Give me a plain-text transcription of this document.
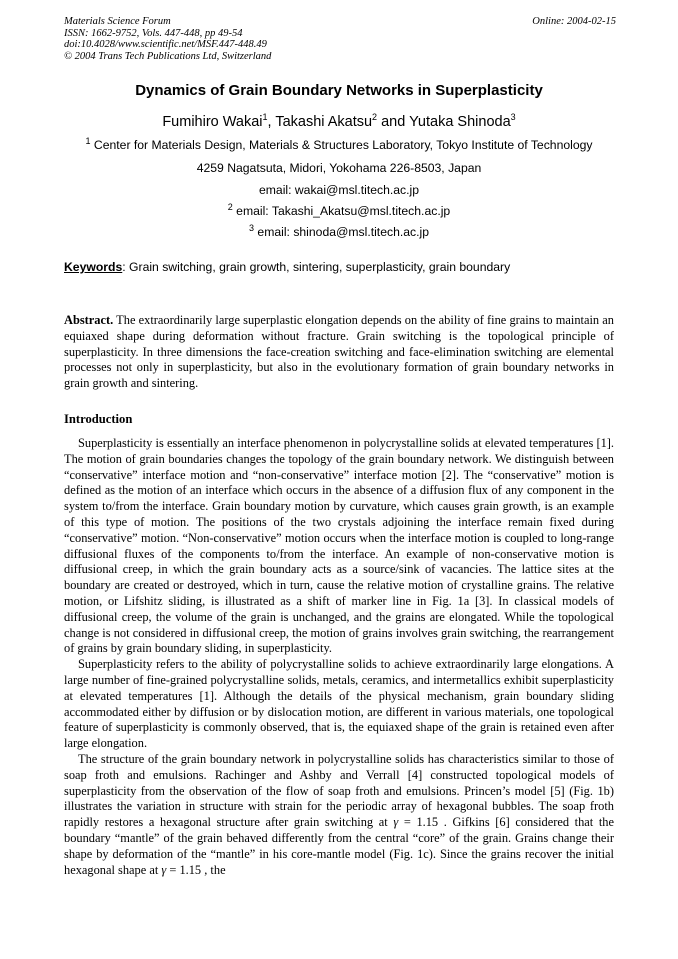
Materials Science Forum
ISSN: 1662-9752, Vols. 447-448, pp 49-54
doi:10.4028/www.scientific.net/MSF.447-448.49
© 2004 Trans Tech Publications Ltd, Switzerland
Online: 2004-02-15
Dynamics of Grain Boundary Networks in Superplasticity
Fumihiro Wakai$^1$, Takashi Akatsu$^2$ and Yutaka Shinoda$^3$
$^1$ Center for Materials Design, Materials & Structures Laboratory, Tokyo Institute of Technology
4259 Nagatsuta, Midori, Yokohama 226-8503, Japan
email: wakai@msl.titech.ac.jp
$^2$ email: Takashi_Akatsu@msl.titech.ac.jp
$^3$ email: shinoda@msl.titech.ac.jp
Keywords: Grain switching, grain growth, sintering, superplasticity, grain boundary

Abstract. The extraordinarily large superplastic elongation depends on the ability of fine grains to maintain an equiaxed shape during deformation without fracture. Grain switching is the topological principle of superplasticity. In three dimensions the face-creation switching and face-elimination switching are elemental processes not only in superplasticity, but also in the evolutionary formation of grain boundary networks in grain growth and sintering.

Introduction

Superplasticity is essentially an interface phenomenon in polycrystalline solids at elevated temperatures [1]. The motion of grain boundaries changes the topology of the grain boundary network. We distinguish between “conservative” interface motion and “non-conservative” interface motion [2]. The “conservative” motion is defined as the motion of an interface which occurs in the absence of a diffusion flux of any component in the system to/from the interface. Grain boundary motion by curvature, which causes grain growth, is an example of this type of motion. The positions of the two crystals adjoining the interface remain fixed during “conservative” motion. “Non-conservative” motion occurs when the interface motion is coupled to long-range diffusional fluxes of the components to/from the interface. An example of non-conservative motion is diffusional creep, in which the grain boundary acts as a source/sink of vacancies. The lattice sites at the boundary are created or destroyed, which in turn, cause the relative motion of crystalline grains. The relative motion, or Lifshitz sliding, is illustrated as a shift of marker line in Fig. 1a [3]. In classical models of diffusional creep, the volume of the grain is unchanged, and the grains are elongated. While the topological change is not considered in diffusional creep, the motion of grains involves grain switching, the rearrangement of grains by grain boundary sliding, in superplasticity.

Superplasticity refers to the ability of polycrystalline solids to achieve extraordinarily large elongations. A large number of fine-grained polycrystalline solids, metals, ceramics, and intermetallics exhibit superplasticity at elevated temperatures [1]. Although the details of the physical mechanism, grain boundary sliding accommodated either by diffusion or by dislocation motion, are different in various materials, one topological feature of superplasticity is commonly observed, that is, the equiaxed shape of the grain is retained even after large elongation.

The structure of the grain boundary network in polycrystalline solids has characteristics similar to those of soap froth and emulsions. Rachinger and Ashby and Verrall [4] constructed topological models of superplasticity from the observation of the flow of soap froth and emulsions. Princen’s model [5] (Fig. 1b) illustrates the variation in structure with strain for the periodic array of hexagonal bubbles. The soap froth rapidly restores a hexagonal structure after grain switching at γ = 1.15 . Gifkins [6] considered that the boundary “mantle” of the grain behaved differently from the central “core” of the grain. Grains change their shape by deformation of the “mantle” in his core-mantle model (Fig. 1c). Since the grains recover the initial hexagonal shape at γ = 1.15 , the
